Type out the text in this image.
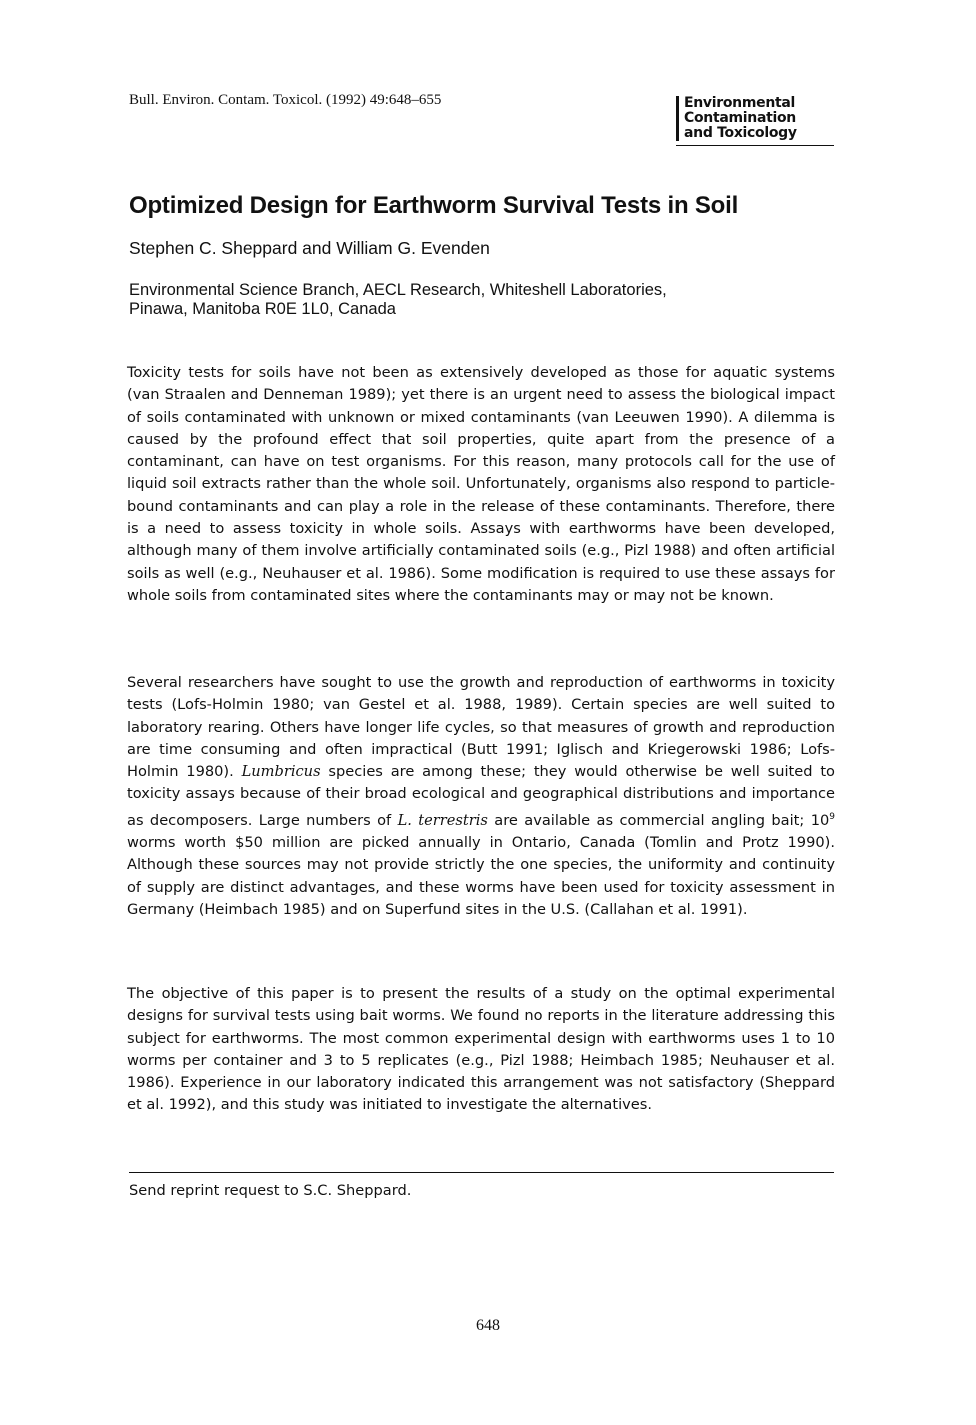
Bull. Environ. Contam. Toxicol. (1992) 49:648–655	Environmental
Contamination
and Toxicology
Optimized Design for Earthworm Survival Tests in Soil
Stephen C. Sheppard and William G. Evenden
Environmental Science Branch, AECL Research, Whiteshell Laboratories,
Pinawa, Manitoba R0E 1L0, Canada

Toxicity tests for soils have not been as extensively developed as those for aquatic systems (van Straalen and Denneman 1989); yet there is an urgent need to assess the biological impact of soils contaminated with unknown or mixed contaminants (van Leeuwen 1990). A dilemma is caused by the profound effect that soil properties, quite apart from the presence of a contaminant, can have on test organisms. For this reason, many protocols call for the use of liquid soil extracts rather than the whole soil. Unfortunately, organisms also respond to particle-bound contaminants and can play a role in the release of these contaminants. Therefore, there is a need to assess toxicity in whole soils. Assays with earthworms have been developed, although many of them involve artificially contaminated soils (e.g., Pizl 1988) and often artificial soils as well (e.g., Neuhauser et al. 1986). Some modification is required to use these assays for whole soils from contaminated sites where the contaminants may or may not be known.

Several researchers have sought to use the growth and reproduction of earthworms in toxicity tests (Lofs-Holmin 1980; van Gestel et al. 1988, 1989). Certain species are well suited to laboratory rearing. Others have longer life cycles, so that measures of growth and reproduction are time consuming and often impractical (Butt 1991; Iglisch and Kriegerowski 1986; Lofs-Holmin 1980). Lumbricus species are among these; they would otherwise be well suited to toxicity assays because of their broad ecological and geographical distributions and importance as decomposers. Large numbers of L. terrestris are available as commercial angling bait; $10^9$ worms worth $50 million are picked annually in Ontario, Canada (Tomlin and Protz 1990). Although these sources may not provide strictly the one species, the uniformity and continuity of supply are distinct advantages, and these worms have been used for toxicity assessment in Germany (Heimbach 1985) and on Superfund sites in the U.S. (Callahan et al. 1991).

The objective of this paper is to present the results of a study on the optimal experimental designs for survival tests using bait worms. We found no reports in the literature addressing this subject for earthworms. The most common experimental design with earthworms uses 1 to 10 worms per container and 3 to 5 replicates (e.g., Pizl 1988; Heimbach 1985; Neuhauser et al. 1986). Experience in our laboratory indicated this arrangement was not satisfactory (Sheppard et al. 1992), and this study was initiated to investigate the alternatives.

Send reprint request to S.C. Sheppard.
648
